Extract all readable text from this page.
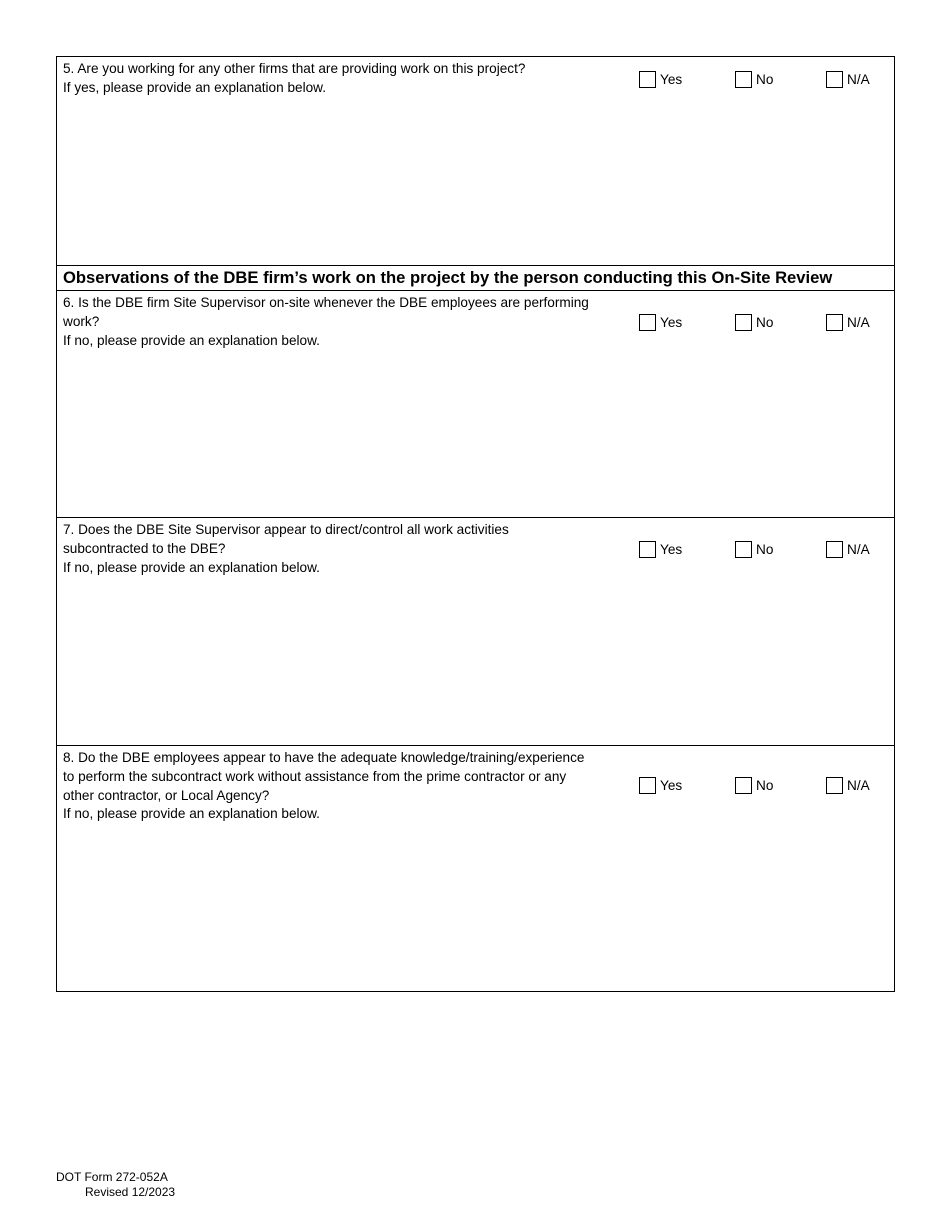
5. Are you working for any other firms that are providing work on this project?
If yes, please provide an explanation below.
Yes	No	N/A
Observations of the DBE firm’s work on the project by the person conducting this On-Site Review
6. Is the DBE firm Site Supervisor on-site whenever the DBE employees are performing
work?
If no, please provide an explanation below.
Yes	No	N/A
7. Does the DBE Site Supervisor appear to direct/control all work activities
subcontracted to the DBE?
If no, please provide an explanation below.
Yes	No	N/A
8. Do the DBE employees appear to have the adequate knowledge/training/experience
to perform the subcontract work without assistance from the prime contractor or any
other contractor, or Local Agency?
If no, please provide an explanation below.
Yes	No	N/A
DOT Form 272-052A
Revised 12/2023
